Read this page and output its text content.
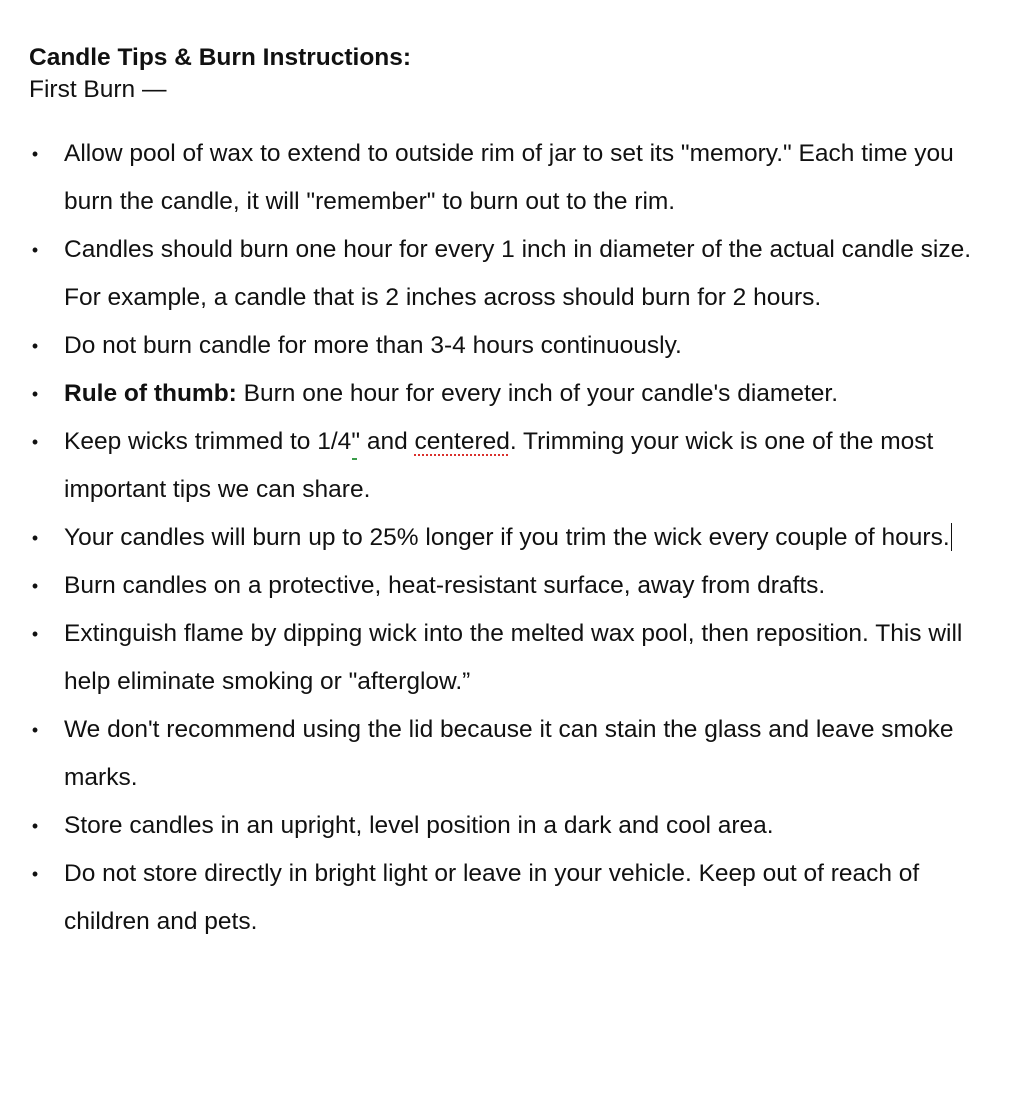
Candle Tips & Burn Instructions:
First Burn —
• Allow pool of wax to extend to outside rim of jar to set its "memory." Each time you burn the candle, it will "remember" to burn out to the rim.
• Candles should burn one hour for every 1 inch in diameter of the actual candle size. For example, a candle that is 2 inches across should burn for 2 hours.
• Do not burn candle for more than 3-4 hours continuously.
• Rule of thumb: Burn one hour for every inch of your candle's diameter.
• Keep wicks trimmed to 1/4"
and centered. Trimming your wick is one of the most important tips we can share.
• Your candles will burn up to 25% longer if you trim the wick every couple of hours.
• Burn candles on a protective, heat-resistant surface, away from drafts.
• Extinguish flame by dipping wick into the melted wax pool, then reposition. This will help eliminate smoking or "afterglow.”
• We don't recommend using the lid because it can stain the glass and leave smoke marks.
• Store candles in an upright, level position in a dark and cool area.
• Do not store directly in bright light or leave in your vehicle. Keep out of reach of children and pets.
